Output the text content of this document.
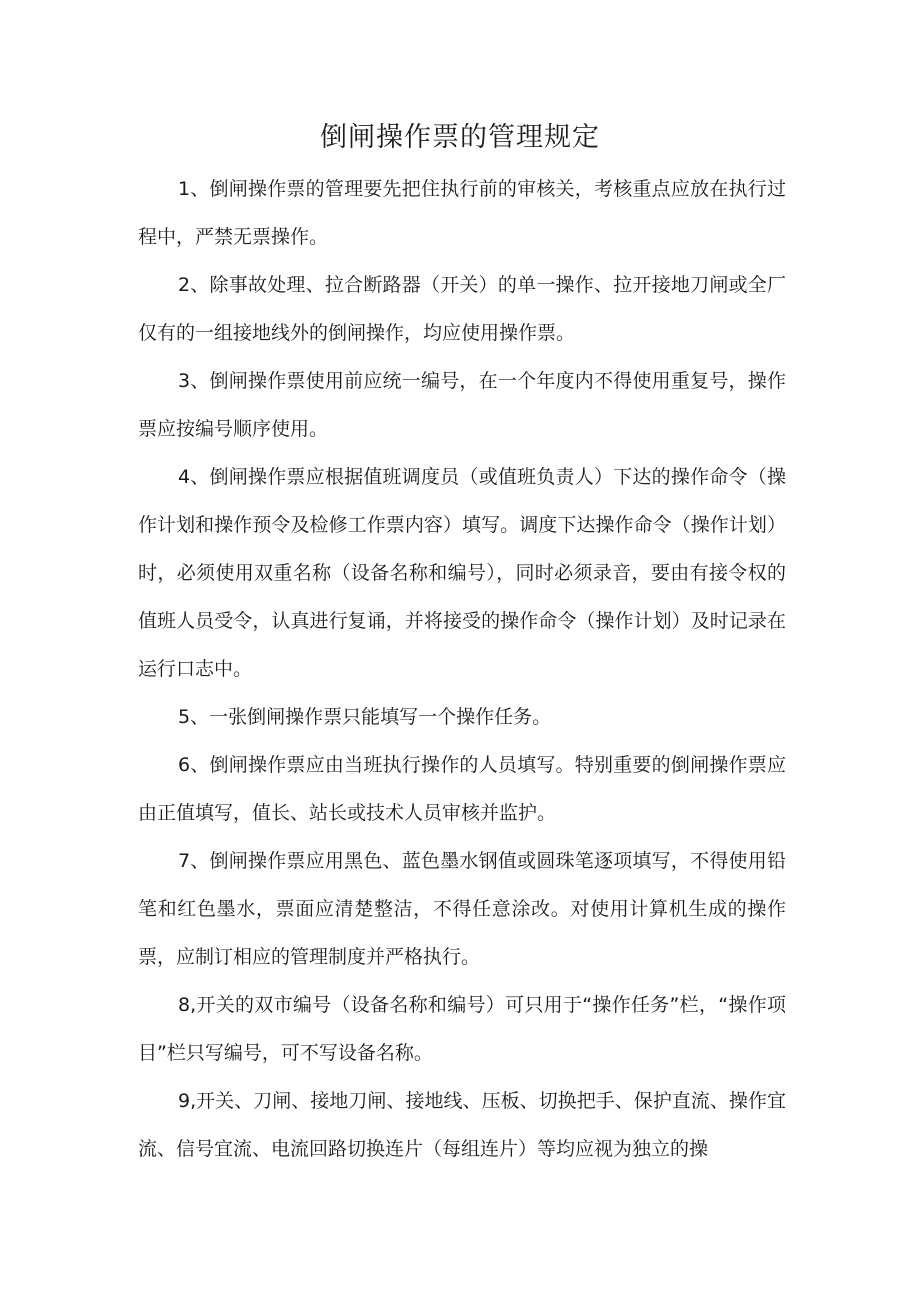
倒闸操作票的管理规定

1、倒闸操作票的管理要先把住执行前的审核关，考核重点应放在执行过程中，严禁无票操作。

2、除事故处理、拉合断路器（开关）的单一操作、拉开接地刀闸或全厂仅有的一组接地线外的倒闸操作，均应使用操作票。

3、倒闸操作票使用前应统一编号，在一个年度内不得使用重复号，操作票应按编号顺序使用。

4、倒闸操作票应根据值班调度员（或值班负责人）下达的操作命令（操作计划和操作预令及检修工作票内容）填写。调度下达操作命令（操作计划）时，必须使用双重名称（设备名称和编号），同时必须录音，要由有接令权的值班人员受令，认真进行复诵，并将接受的操作命令（操作计划）及时记录在运行口志中。

5、一张倒闸操作票只能填写一个操作任务。

6、倒闸操作票应由当班执行操作的人员填写。特别重要的倒闸操作票应由正值填写，值长、站长或技术人员审核并监护。

7、倒闸操作票应用黑色、蓝色墨水钢值或圆珠笔逐项填写，不得使用铅笔和红色墨水，票面应清楚整洁，不得任意涂改。对使用计算机生成的操作票，应制订相应的管理制度并严格执行。

8,开关的双市编号（设备名称和编号）可只用于“操作任务”栏，“操作项目”栏只写编号，可不写设备名称。

9,开关、刀闸、接地刀闸、接地线、压板、切换把手、保护直流、操作宜流、信号宜流、电流回路切换连片（每组连片）等均应视为独立的操
